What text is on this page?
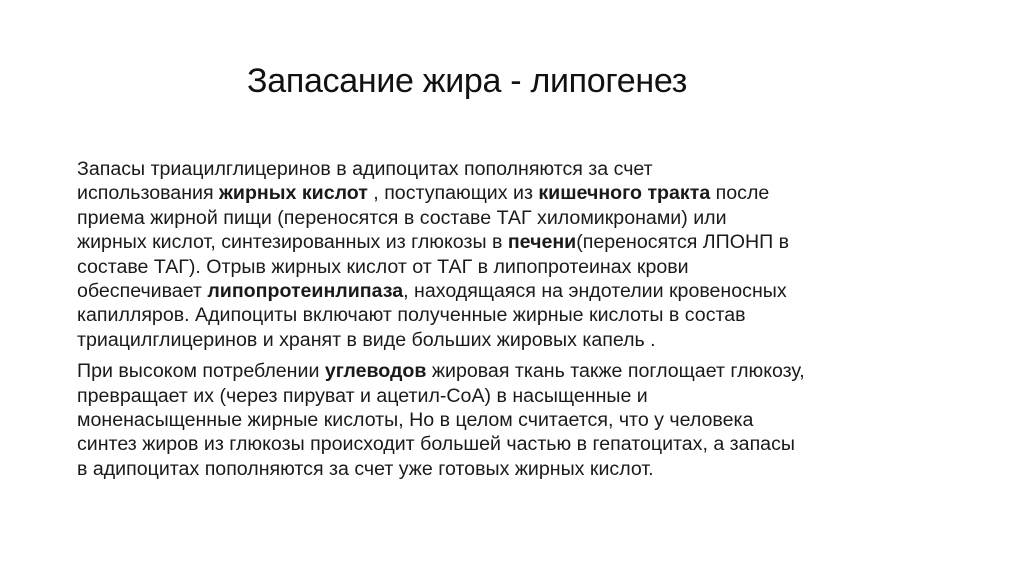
Запасание жира - липогенез

Запасы триацилглицеринов в адипоцитах пополняются за счет
использования жирных кислот , поступающих из кишечного тракта после
приема жирной пищи (переносятся в составе ТАГ хиломикронами) или
жирных кислот, синтезированных из глюкозы в печени(переносятся ЛПОНП в
составе ТАГ). Отрыв жирных кислот от ТАГ в липопротеинах крови
обеспечивает липопротеинлипаза, находящаяся на эндотелии кровеносных
капилляров. Адипоциты включают полученные жирные кислоты в состав
триацилглицеринов и хранят в виде больших жировых капель .

При высоком потреблении углеводов жировая ткань также поглощает глюкозу,
превращает их (через пируват и ацетил-СоА) в насыщенные и
моненасыщенные жирные кислоты, Но в целом считается, что у человека
синтез жиров из глюкозы происходит большей частью в гепатоцитах, а запасы
в адипоцитах пополняются за счет уже готовых жирных кислот.
